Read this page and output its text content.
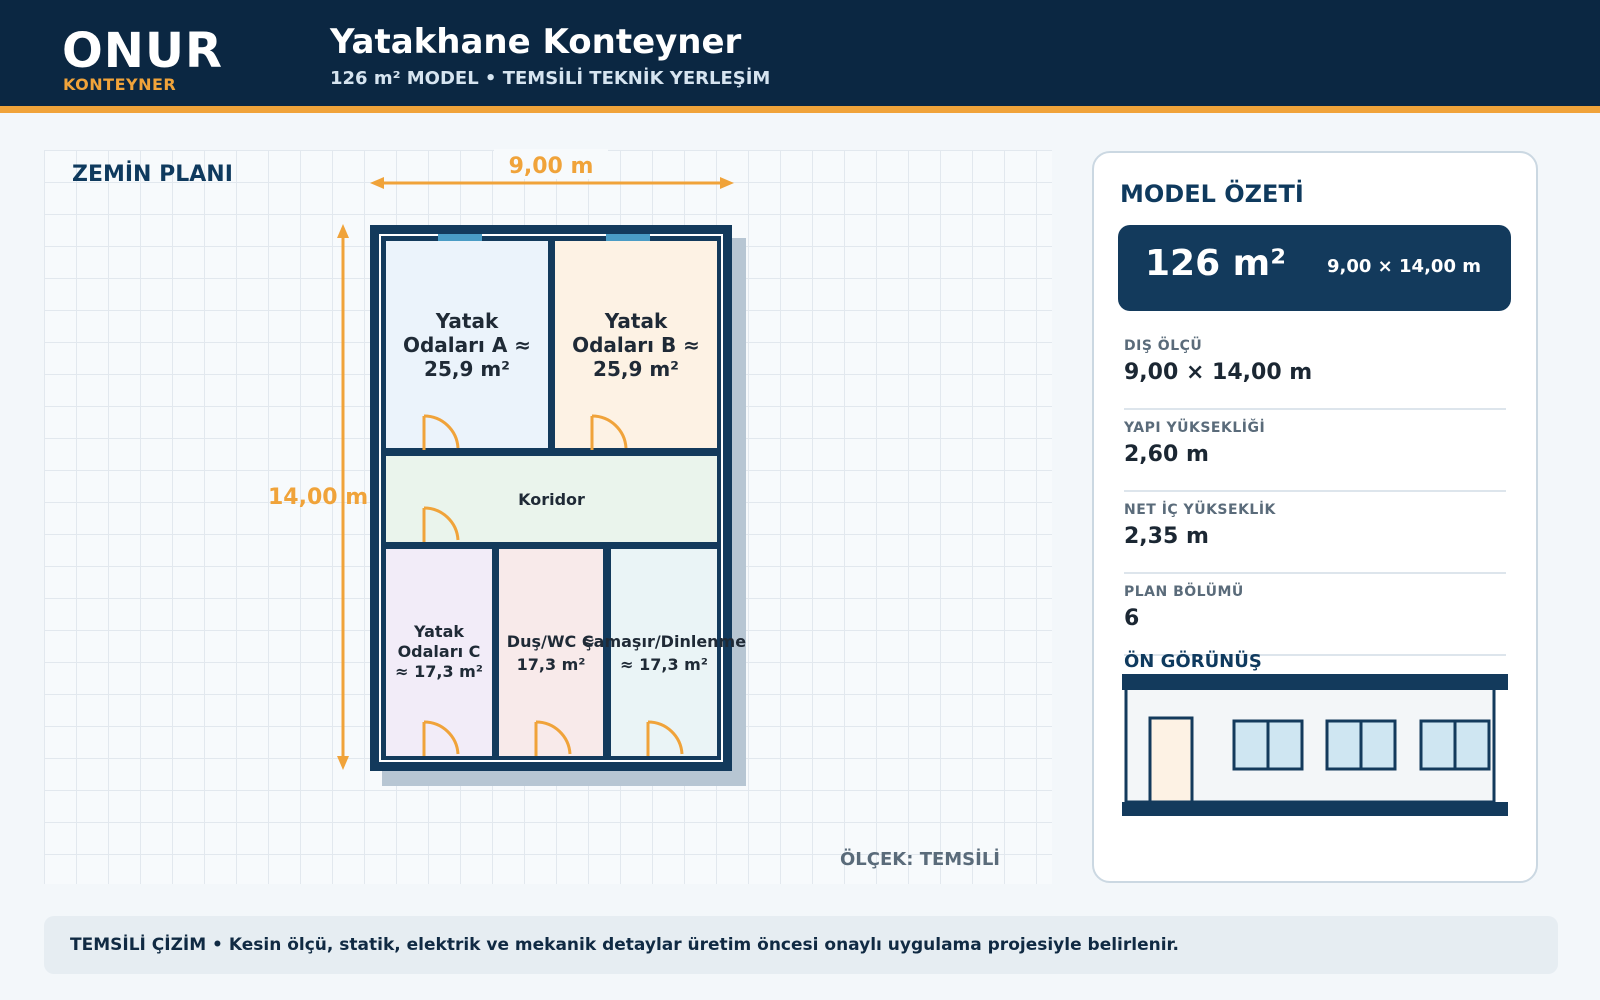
ONUR
KONTEYNER
Yatakhane Konteyner
126 m² MODEL • TEMSİLİ TEKNİK YERLEŞİM
ZEMİN PLANI	9,00 m
14,00 m
Yatak Odaları A ≈ 25,9 m²
Yatak Odaları B ≈ 25,9 m²
Koridor
Yatak Odaları C ≈ 17,3 m²
Duş/WC ≈ 17,3 m²
Çamaşır/Dinlenme ≈ 17,3 m²
ÖLÇEK: TEMSİLİ
MODEL ÖZETİ
126 m² 9,00 × 14,00 m
DIŞ ÖLÇÜ
9,00 × 14,00 m
YAPI YÜKSEKLİĞİ
2,60 m
NET İÇ YÜKSEKLİK
2,35 m
PLAN BÖLÜMÜ
6
ÖN GÖRÜNÜŞ
TEMSİLİ ÇİZİM • Kesin ölçü, statik, elektrik ve mekanik detaylar üretim öncesi onaylı uygulama projesiyle belirlenir.
